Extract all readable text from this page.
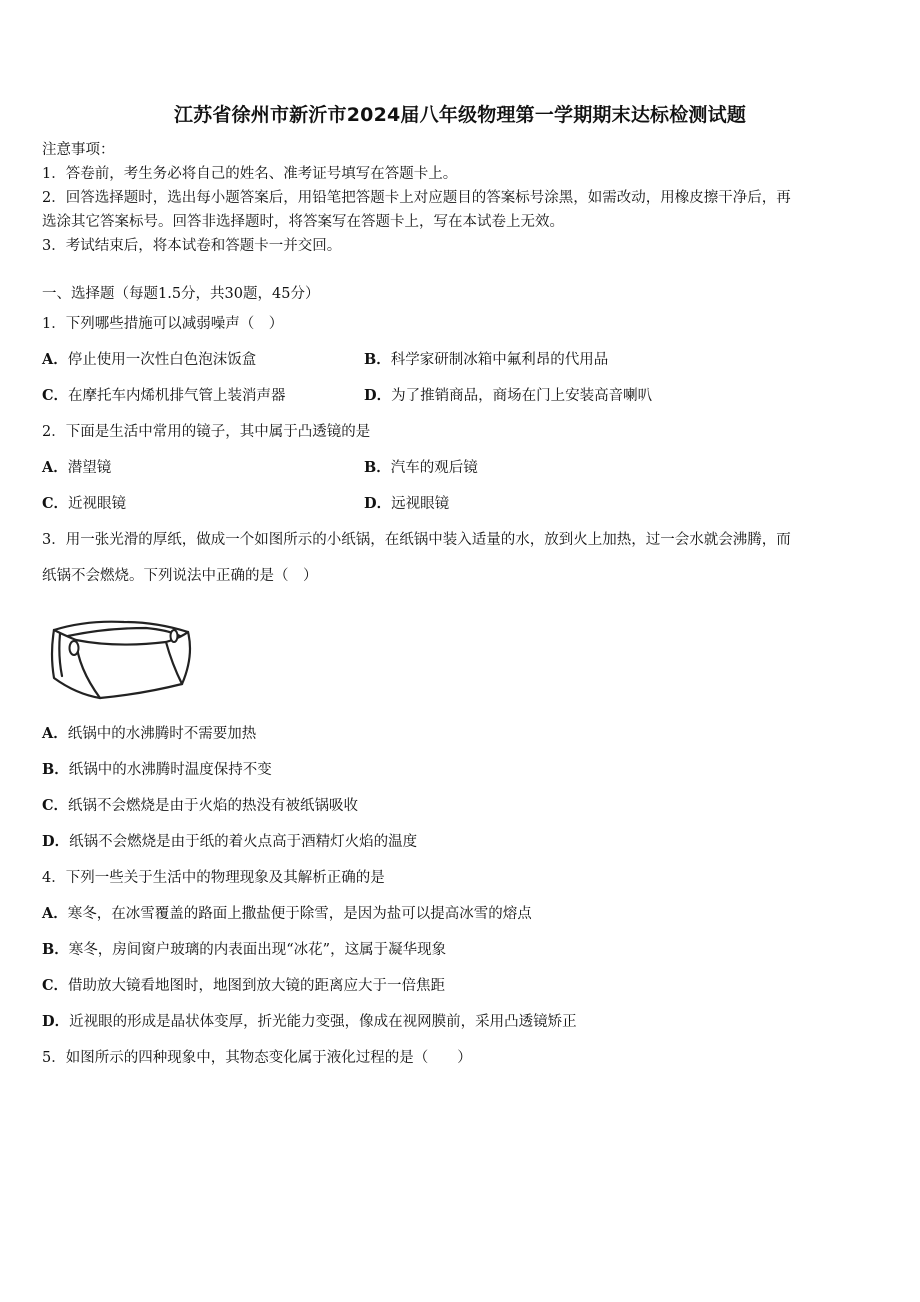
江苏省徐州市新沂市2024届八年级物理第一学期期末达标检测试题
注意事项：
1．答卷前，考生务必将自己的姓名、准考证号填写在答题卡上。
2．回答选择题时，选出每小题答案后，用铅笔把答题卡上对应题目的答案标号涂黑，如需改动，用橡皮擦干净后，再
选涂其它答案标号。回答非选择题时，将答案写在答题卡上，写在本试卷上无效。
3．考试结束后，将本试卷和答题卡一并交回。
一、选择题（每题1.5分，共30题，45分）
1．下列哪些措施可以减弱噪声（　）
A．停止使用一次性白色泡沫饭盒	B．科学家研制冰箱中氟利昂的代用品
C．在摩托车内烯机排气管上装消声器	D．为了推销商品，商场在门上安装高音喇叭
2．下面是生活中常用的镜子，其中属于凸透镜的是
A．潜望镜	B．汽车的观后镜
C．近视眼镜	D．远视眼镜
3．用一张光滑的厚纸，做成一个如图所示的小纸锅，在纸锅中装入适量的水，放到火上加热，过一会水就会沸腾，而
纸锅不会燃烧。下列说法中正确的是（　）
A．纸锅中的水沸腾时不需要加热
B．纸锅中的水沸腾时温度保持不变
C．纸锅不会燃烧是由于火焰的热没有被纸锅吸收
D．纸锅不会燃烧是由于纸的着火点高于酒精灯火焰的温度
4．下列一些关于生活中的物理现象及其解析正确的是
A．寒冬，在冰雪覆盖的路面上撒盐便于除雪，是因为盐可以提高冰雪的熔点
B．寒冬，房间窗户玻璃的内表面出现“冰花”，这属于凝华现象
C．借助放大镜看地图时，地图到放大镜的距离应大于一倍焦距
D．近视眼的形成是晶状体变厚，折光能力变强，像成在视网膜前，采用凸透镜矫正
5．如图所示的四种现象中，其物态变化属于液化过程的是（　　）
